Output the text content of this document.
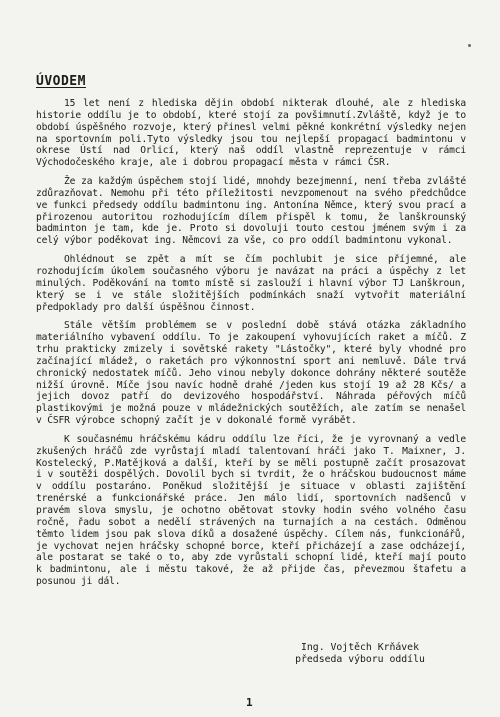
ÚVODEM

15 let není z hlediska dějin období nikterak dlouhé, ale z hlediska historie oddílu je to období, které stojí za povšimnutí.Zvláště, když je to období úspěšného rozvoje, který přinesl velmi pěkné konkrétní výsledky nejen na sportovním poli.Tyto výsledky jsou tou nejlepší propagací badmintonu v okrese Ústí nad Orlicí, který naš oddíl vlastně reprezentuje v rámci Východočeského kraje, ale i dobrou propagací města v rámci ČSR.

Že za každým úspěchem stojí lidé, mnohdy bezejmenní, není třeba zvlášté zdůrazňovat. Nemohu při této příležitosti nevzpomenout na svého předchůdce ve funkci předsedy oddílu badmintonu ing. Antonína Němce, který svou prací a přirozenou autoritou rozhodujícím dílem přispěl k tomu, že lanškrounský badminton je tam, kde je. Proto si dovoluji touto cestou jménem svým i za celý výbor poděkovat ing. Němcovi za vše, co pro oddíl badmintonu vykonal.

Ohlédnout se zpět a mít se čím pochlubit je sice příjemné, ale rozhodujícím úkolem současného výboru je navázat na práci a úspěchy z let minulých. Poděkování na tomto místě si zaslouží i hlavní výbor TJ Lanškroun, který se i ve stále složitějších podmínkách snaží vytvořit materiální předpoklady pro další úspěšnou činnost.

Stále větším problémem se v poslední době stává otázka základního materiálního vybavení oddílu. To je zakoupení vyhovujících raket a míčů. Z trhu prakticky zmizely i sovětské rakety "Lástočky", které byly vhodné pro začínající mládež, o raketách pro výkonnostní sport ani nemluvě. Dále trvá chronický nedostatek míčů. Jeho vinou nebyly dokonce dohrány některé soutěže nižší úrovně. Míče jsou navíc hodně drahé /jeden kus stojí 19 až 28 Kčs/ a jejich dovoz patří do devizového hospodářství. Náhrada péřových míčů plastikovými je možná pouze v mládežnických soutěžích, ale zatím se nenašel v ČSFR výrobce schopný začít je v dokonalé formě vyrábět.

K současnému hráčskému kádru oddílu lze říci, že je vyrovnaný a vedle zkušených hráčů zde vyrůstají mladí talentovaní hráči jako T. Maixner, J. Kostelecký, P.Matějková a další, kteří by se měli postupně začít prosazovat i v soutěži dospělých. Dovolil bych si tvrdit, že o hráčskou budoucnost máme v oddílu postaráno. Poněkud složitější je situace v oblasti zajištění trenérské a funkcionářské práce. Jen málo lidí, sportovních nadšenců v pravém slova smyslu, je ochotno obětovat stovky hodin svého volného času ročně, řadu sobot a nedělí strávených na turnajích a na cestách. Odměnou těmto lidem jsou pak slova díků a dosažené úspěchy. Cílem nás, funkcionářů, je vychovat nejen hráčsky schopné borce, kteří přicházejí a zase odcházejí, ale postarat se také o to, aby zde vyrůstali schopní lidé, kteří mají pouto k badmintonu, ale i městu takové, že až přijde čas, převezmou štafetu a posunou ji dál.

Ing. Vojtěch Krňávek
předseda výboru oddílu
1
